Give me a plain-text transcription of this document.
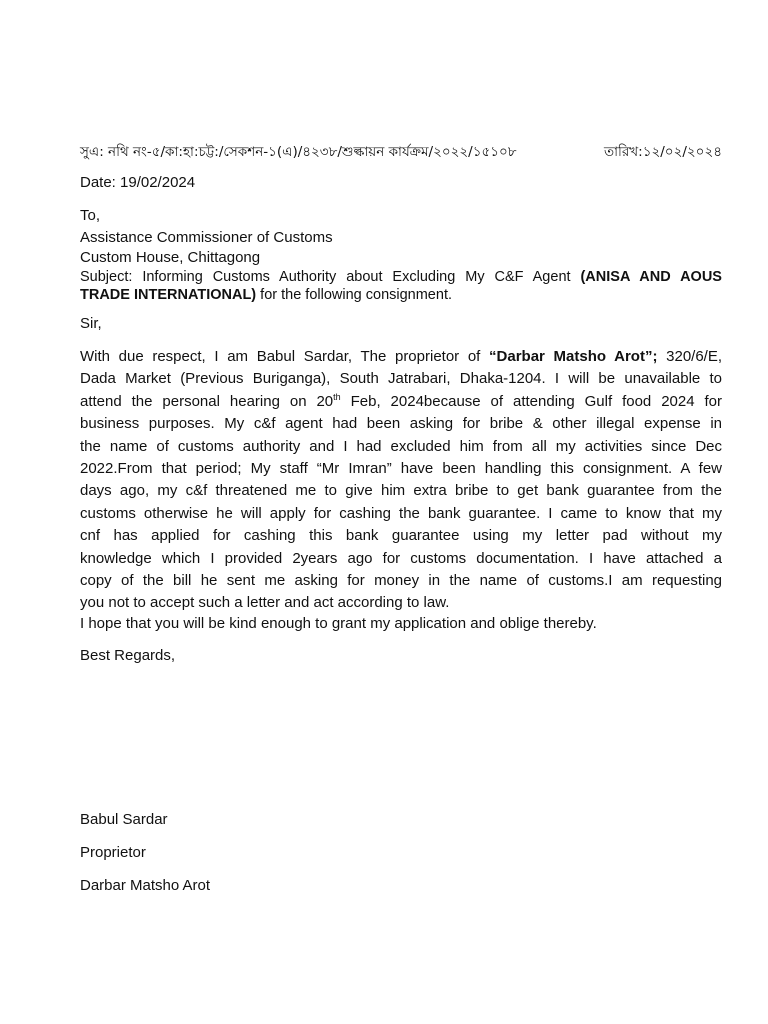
সুএ: নথি নং-৫/কা:হা:চট্ট:/সেকশন-১(এ)/৪২৩৮/শুল্কায়ন কার্যক্রম/২০২২/১৫১০৮	তারিখ:১২/০২/২০২৪
Date: 19/02/2024
To,
Assistance Commissioner of Customs
Custom House, Chittagong
Subject: Informing Customs Authority about Excluding My C&F Agent (ANISA AND AOUS
TRADE INTERNATIONAL) for the following consignment.
Sir,
With due respect, I am Babul Sardar, The proprietor of “Darbar Matsho Arot”; 320/6/E,
Dada Market (Previous Buriganga), South Jatrabari, Dhaka-1204. I will be unavailable to
attend the personal hearing on 20th Feb, 2024because of attending Gulf food 2024 for
business purposes. My c&f agent had been asking for bribe & other illegal expense in
the name of customs authority and I had excluded him from all my activities since Dec
2022.From that period; My staff “Mr Imran” have been handling this consignment. A few
days ago, my c&f threatened me to give him extra bribe to get bank guarantee from the
customs otherwise he will apply for cashing the bank guarantee. I came to know that my
cnf has applied for cashing this bank guarantee using my letter pad without my
knowledge which I provided 2years ago for customs documentation. I have attached a
copy of the bill he sent me asking for money in the name of customs.I am requesting
you not to accept such a letter and act according to law.
I hope that you will be kind enough to grant my application and oblige thereby.
Best Regards,
Babul Sardar
Proprietor
Darbar Matsho Arot
